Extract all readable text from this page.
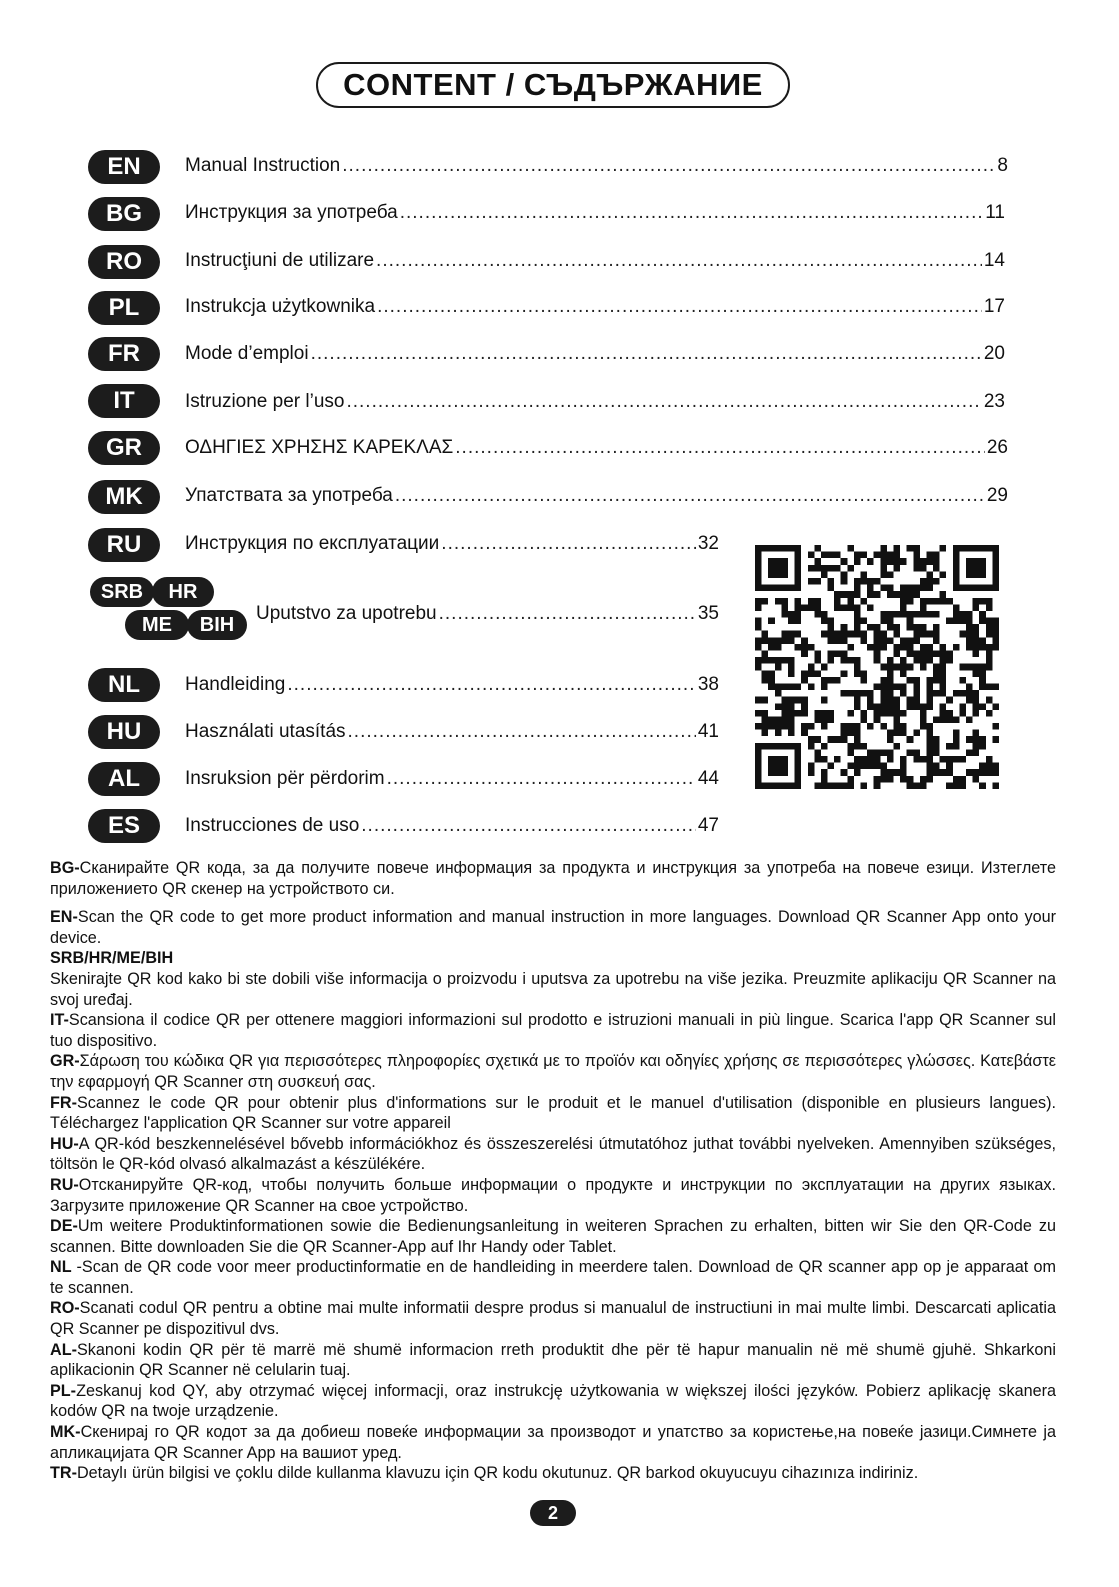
CONTENT / СЪДЪРЖАНИЕ
EN	Manual Instruction .....	8
BG	Инструкция за употреба .....	11
RO	Instrucţiuni de utilizare .....	14
PL	Instrukcja użytkownika .....	17
FR	Mode d’emploi .....	20
IT	Istruzione per l’uso .....	23
GR	ΟΔΗΓΙΕΣ ΧΡΗΣΗΣ ΚΑΡΕΚΛΑΣ .....	26
MK	Упатствата за употреба .....	29
RU	Инструкция по експлуатации .....	32
SRB	HR
ME	BIH
Uputstvo za upotrebu .....	35
NL	Handleiding .....	38
HU	Használati utasítás .....	41
AL	Insruksion për përdorim .....	44
ES	Instrucciones de uso .....	47

BG-Сканирайте QR кода, за да получите повече информация за продукта и инструкция за употреба на повече езици. Изтеглете приложението QR скенер на устройството си.

EN-Scan the QR code to get more product information and manual instruction in more languages. Download QR Scanner App onto your device.

SRB/HR/ME/BIH
Skenirajte QR kod kako bi ste dobili više informacija o proizvodu i uputsva za upotrebu na više jezika. Preuzmite aplikaciju QR Scanner na svoj uređaj.

IT-Scansiona il codice QR per ottenere maggiori informazioni sul prodotto e istruzioni manuali in più lingue. Scarica l'app QR Scanner sul tuo dispositivo.

GR-Σάρωση του κώδικα QR για περισσότερες πληροφορίες σχετικά με το προϊόν και οδηγίες χρήσης σε περισσότερες γλώσσες. Κατεβάστε την εφαρμογή QR Scanner στη συσκευή σας.

FR-Scannez le code QR pour obtenir plus d'informations sur le produit et le manuel d'utilisation (disponible en plusieurs langues). Téléchargez l'application QR Scanner sur votre appareil

HU-A QR-kód beszkennelésével bővebb információkhoz és összeszerelési útmutatóhoz juthat további nyelveken. Amennyiben szükséges, töltsön le QR-kód olvasó alkalmazást a készülékére.

RU-Отсканируйте QR-код, чтобы получить больше информации о продукте и инструкции по эксплуатации на других языках. Загрузите приложение QR Scanner на свое устройство.

DE-Um weitere Produktinformationen sowie die Bedienungsanleitung in weiteren Sprachen zu erhalten, bitten wir Sie den QR-Code zu scannen. Bitte downloaden Sie die QR Scanner-App auf Ihr Handy oder Tablet.

NL -Scan de QR code voor meer productinformatie en de handleiding in meerdere talen. Download de QR scanner app op je apparaat om te scannen.

RO-Scanati codul QR pentru a obtine mai multe informatii despre produs si manualul de instructiuni in mai multe limbi. Descarcati aplicatia QR Scanner pe dispozitivul dvs.

AL-Skanoni kodin QR për të marrë më shumë informacion rreth produktit dhe për të hapur manualin në më shumë gjuhë. Shkarkoni aplikacionin QR Scanner në celularin tuaj.

PL-Zeskanuj kod QY, aby otrzymać więcej informacji, oraz instrukcję użytkowania w większej ilości języków. Pobierz aplikację skanera kodów QR na twoje urządzenie.

MK-Скенирај го QR кодот за да добиеш повеќе информации за производот и упатство за користење,на повеќе јазици.Симнете ја апликацијата QR Scanner App на вашиот уред.

TR-Detaylı ürün bilgisi ve çoklu dilde kullanma klavuzu için QR kodu okutunuz. QR barkod okuyucuyu cihazınıza indiriniz.

2
